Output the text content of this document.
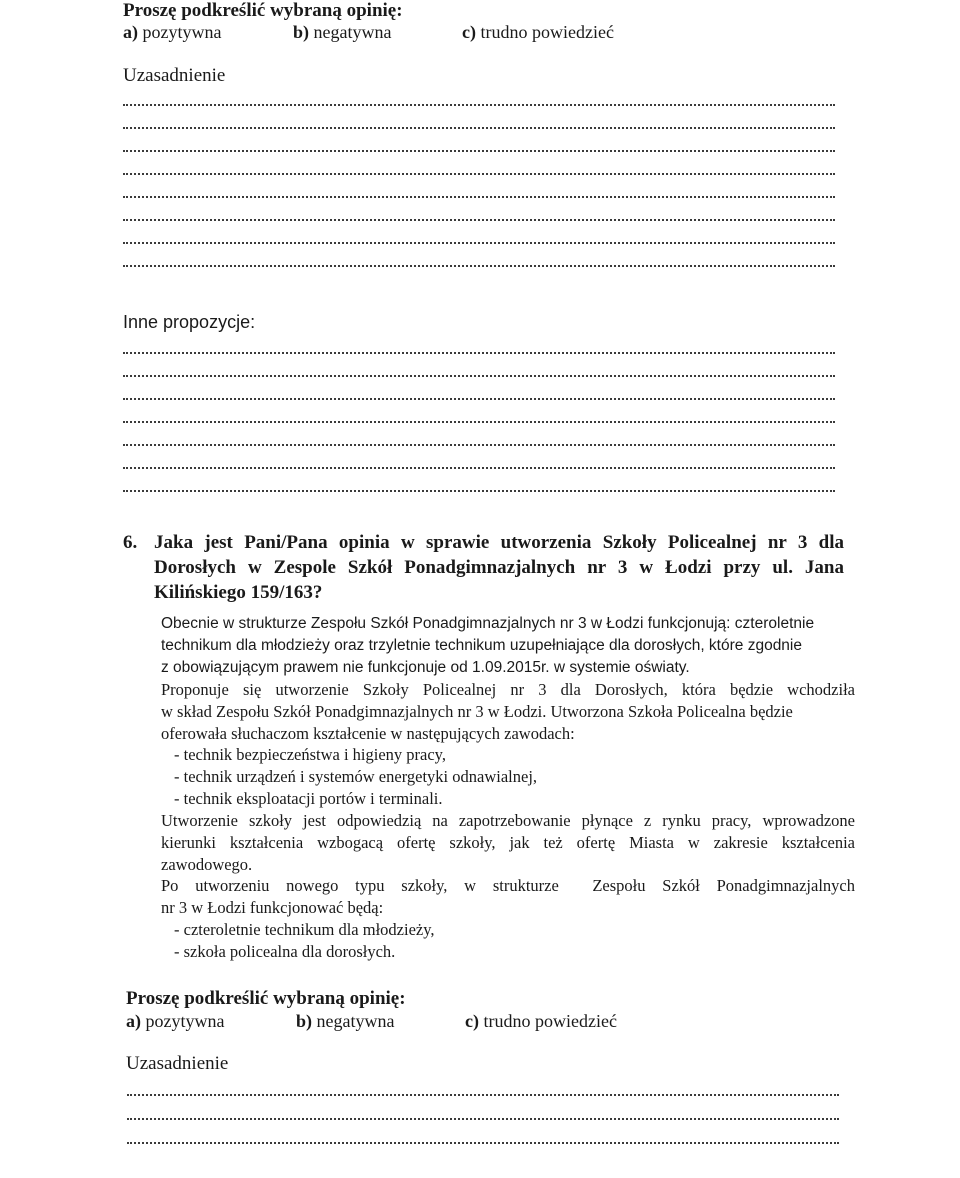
Proszę podkreślić wybraną opinię:
a) pozytywna	b) negatywna	c) trudno powiedzieć
Uzasadnienie
Inne propozycje:
6. Jaka jest Pani/Pana opinia w sprawie utworzenia Szkoły Policealnej nr 3 dla
Dorosłych w Zespole Szkół Ponadgimnazjalnych nr 3 w Łodzi przy ul. Jana
Kilińskiego 159/163?
Obecnie w strukturze Zespołu Szkół Ponadgimnazjalnych nr 3 w Łodzi funkcjonują: czteroletnie
technikum dla młodzieży oraz trzyletnie technikum uzupełniające dla dorosłych, które zgodnie
z obowiązującym prawem nie funkcjonuje od 1.09.2015r. w systemie oświaty.
Proponuje się utworzenie Szkoły Policealnej nr 3 dla Dorosłych, która będzie wchodziła
w skład Zespołu Szkół Ponadgimnazjalnych nr 3 w Łodzi. Utworzona Szkoła Policealna będzie
oferowała słuchaczom kształcenie w następujących zawodach:
- technik bezpieczeństwa i higieny pracy,
- technik urządzeń i systemów energetyki odnawialnej,
- technik eksploatacji portów i terminali.
Utworzenie szkoły jest odpowiedzią na zapotrzebowanie płynące z rynku pracy, wprowadzone
kierunki kształcenia wzbogacą ofertę szkoły, jak też ofertę Miasta w zakresie kształcenia
zawodowego.
Po utworzeniu nowego typu szkoły, w strukturze  Zespołu Szkół Ponadgimnazjalnych
nr 3 w Łodzi funkcjonować będą:
- czteroletnie technikum dla młodzieży,
- szkoła policealna dla dorosłych.
Proszę podkreślić wybraną opinię:
a) pozytywna	b) negatywna	c) trudno powiedzieć
Uzasadnienie
